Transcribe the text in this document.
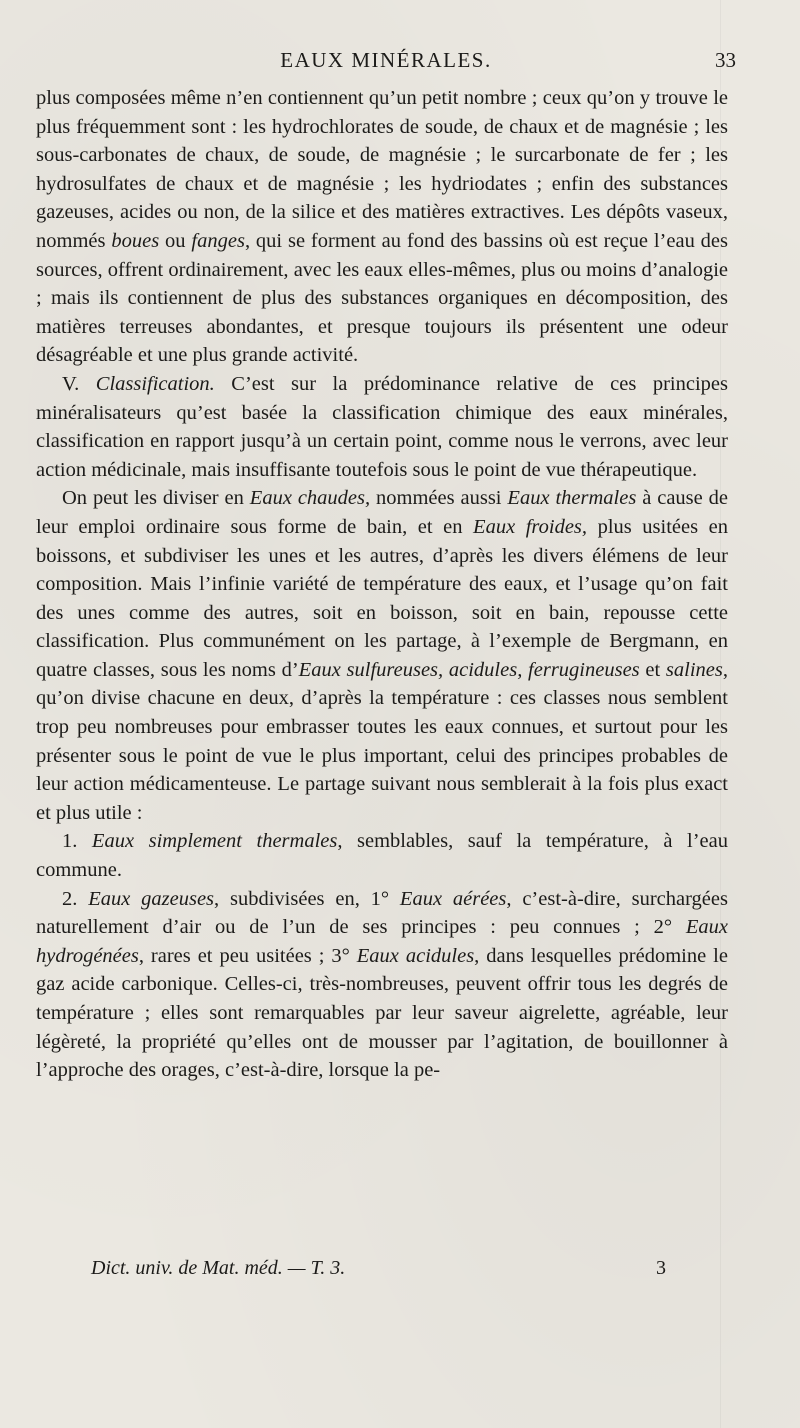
EAUX MINÉRALES.	33

plus composées même n’en contiennent qu’un petit nombre ; ceux qu’on y trouve le plus fréquemment sont : les hydrochlorates de soude, de chaux et de magnésie ; les sous-carbonates de chaux, de soude, de magnésie ; le surcarbonate de fer ; les hydrosulfates de chaux et de magnésie ; les hydriodates ; enfin des substances gazeuses, acides ou non, de la silice et des matières extractives. Les dépôts vaseux, nommés boues ou fanges, qui se forment au fond des bassins où est reçue l’eau des sources, offrent ordinairement, avec les eaux elles-mêmes, plus ou moins d’analogie ; mais ils contiennent de plus des substances organiques en décomposition, des matières terreuses abondantes, et presque toujours ils présentent une odeur désagréable et une plus grande activité.

V. Classification. C’est sur la prédominance relative de ces principes minéralisateurs qu’est basée la classification chimique des eaux minérales, classification en rapport jusqu’à un certain point, comme nous le verrons, avec leur action médicinale, mais insuffisante toutefois sous le point de vue thérapeutique.

On peut les diviser en Eaux chaudes, nommées aussi Eaux thermales à cause de leur emploi ordinaire sous forme de bain, et en Eaux froides, plus usitées en boissons, et subdiviser les unes et les autres, d’après les divers élémens de leur composition. Mais l’infinie variété de température des eaux, et l’usage qu’on fait des unes comme des autres, soit en boisson, soit en bain, repousse cette classification. Plus communément on les partage, à l’exemple de Bergmann, en quatre classes, sous les noms d’Eaux sulfureuses, acidules, ferrugineuses et salines, qu’on divise chacune en deux, d’après la température : ces classes nous semblent trop peu nombreuses pour embrasser toutes les eaux connues, et surtout pour les présenter sous le point de vue le plus important, celui des principes probables de leur action médicamenteuse. Le partage suivant nous semblerait à la fois plus exact et plus utile :

1. Eaux simplement thermales, semblables, sauf la température, à l’eau commune.

2. Eaux gazeuses, subdivisées en, 1° Eaux aérées, c’est-à-dire, surchargées naturellement d’air ou de l’un de ses principes : peu connues ; 2° Eaux hydrogénées, rares et peu usitées ; 3° Eaux acidules, dans lesquelles prédomine le gaz acide carbonique. Celles-ci, très-nombreuses, peuvent offrir tous les degrés de température ; elles sont remarquables par leur saveur aigrelette, agréable, leur légèreté, la propriété qu’elles ont de mousser par l’agitation, de bouillonner à l’approche des orages, c’est-à-dire, lorsque la pe-

Dict. univ. de Mat. méd. — T. 3.	3
